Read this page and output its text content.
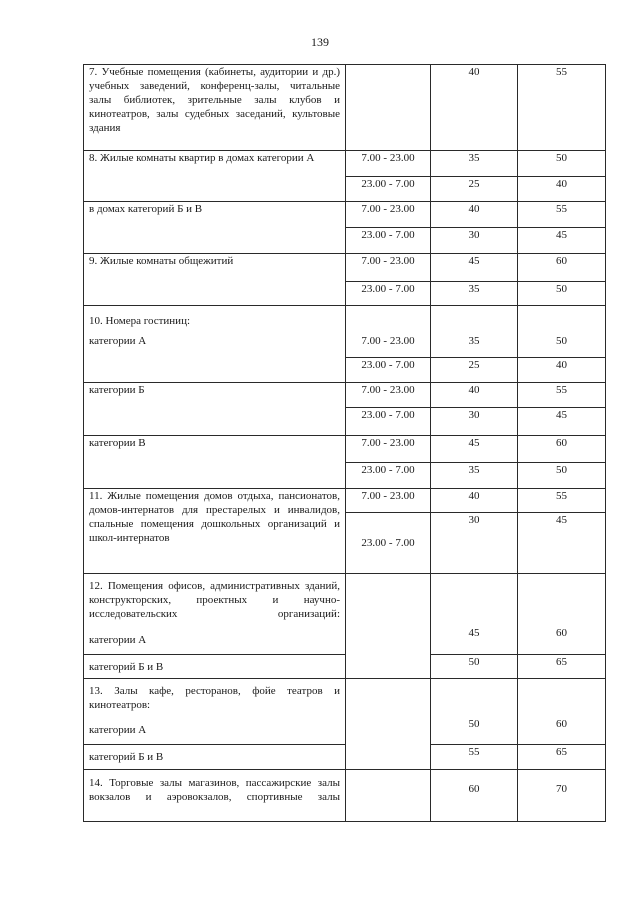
139
7. Учебные помещения (кабинеты, аудитории и др.) учебных заведений, конференц-залы, читальные залы библиотек, зрительные залы клубов и кинотеатров, залы судебных заседаний, культовые здания		40	55
8. Жилые комнаты квартир в домах категории А	7.00 - 23.00	35	50
	23.00 - 7.00	25	40
в домах категорий Б и В	7.00 - 23.00	40	55
	23.00 - 7.00	30	45
9. Жилые комнаты общежитий	7.00 - 23.00	45	60
	23.00 - 7.00	35	50
10. Номера гостиниц:			
категории А	7.00 - 23.00	35	50
	23.00 - 7.00	25	40
категории Б	7.00 - 23.00	40	55
	23.00 - 7.00	30	45
категории В	7.00 - 23.00	45	60
	23.00 - 7.00	35	50
11. Жилые помещения домов отдыха, пансионатов, домов-интернатов для престарелых и инвалидов, спальные помещения дошкольных организаций и школ-интернатов	7.00 - 23.00	40	55
	23.00 - 7.00	30	45
12. Помещения офисов, административных зданий, конструкторских, проектных и научно-исследовательских организаций:			
категории А		45	60
категорий Б и В		50	65
13. Залы кафе, ресторанов, фойе театров и кинотеатров:			
категории А		50	60
категорий Б и В		55	65
14. Торговые залы магазинов, пассажирские залы вокзалов и аэровокзалов, спортивные залы		60	70
